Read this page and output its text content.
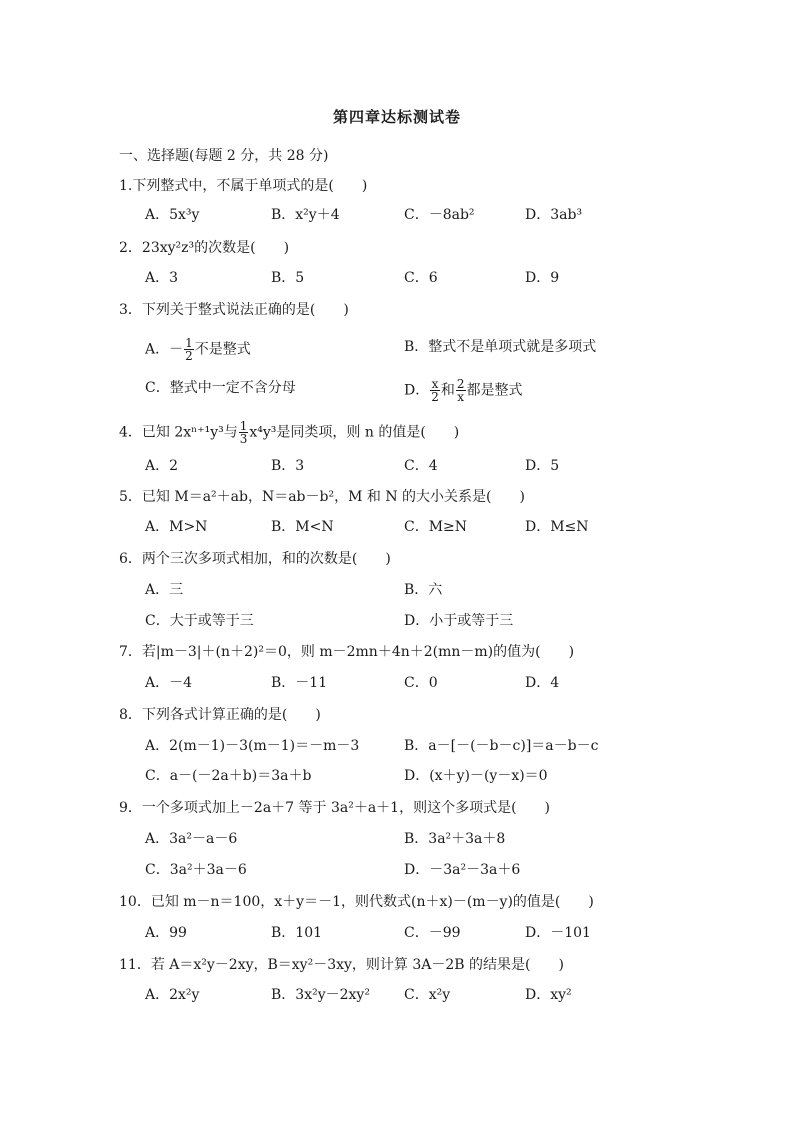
第四章达标测试卷
一、选择题(每题 2 分，共 28 分)
1.下列整式中，不属于单项式的是(　　)
A．5x³y	B．x²y＋4	C．－8ab²	D．3ab³
2．23xy²z³的次数是(　　)
A．3	B．5	C．6	D．9
3．下列关于整式说法正确的是(　　)
A．－ $\frac{1}{2}$ 不是整式	B．整式不是单项式就是多项式
C．整式中一定不含分母	D． $\frac{x}{2}$ 和 $\frac{2}{x}$ 都是整式
4．已知 2xⁿ⁺¹y³与 $\frac{1}{3} x^4y^3$是同类项，则 n 的值是(　　)
A．2	B．3	C．4	D．5
5．已知 M＝a²＋ab，N＝ab－b²，M 和 N 的大小关系是(　　)
A．M>N	B．M<N	C．M≥N	D．M≤N
6．两个三次多项式相加，和的次数是(　　)
A．三	B．六
C．大于或等于三	D．小于或等于三
7．若|m－3|＋(n＋2)²＝0，则 m－2mn＋4n＋2(mn－m)的值为(　　)
A．－4	B．－11	C．0	D．4
8．下列各式计算正确的是(　　)
A．2(m－1)－3(m－1)＝－m－3	B．a－[－(－b－c)]＝a－b－c
C．a－(－2a＋b)＝3a＋b	D．(x＋y)－(y－x)＝0
9．一个多项式加上－2a＋7 等于 3a²＋a＋1，则这个多项式是(　　)
A．3a²－a－6	B．3a²＋3a＋8
C．3a²＋3a－6	D．－3a²－3a＋6
10．已知 m－n＝100，x＋y＝－1，则代数式(n＋x)－(m－y)的值是(　　)
A．99	B．101	C．－99	D．－101
11．若 A＝x²y－2xy，B＝xy²－3xy，则计算 3A－2B 的结果是(　　)
A．2x²y	B．3x²y－2xy² C．x²y	D．xy²
